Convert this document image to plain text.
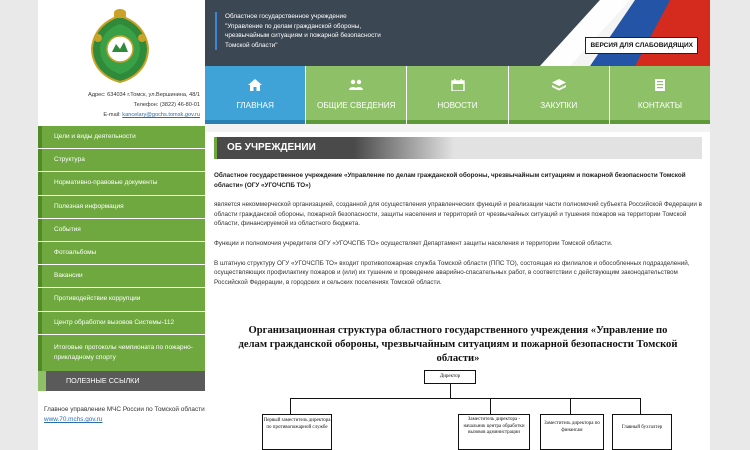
Адрес: 634034 г.Томск, ул.Вершинина, 48/1
Телефон: (3822) 46-80-01
E-mail: kancelary@gochs.tomsk.gov.ru
Областное государственное учреждение "Управление по делам гражданской обороны, чрезвычайным ситуациям и пожарной безопасности Томской области"	ВЕРСИЯ ДЛЯ СЛАБОВИДЯЩИХ
ГЛАВНАЯ	ОБЩИЕ СВЕДЕНИЯ	НОВОСТИ	ЗАКУПКИ	КОНТАКТЫ
Цели и виды деятельности
Структура
Нормативно-правовые документы
Полезная информация
События
Фотоальбомы
Вакансии
Противодействие коррупции
Центр обработки вызовов Системы-112
Итоговые протоколы чемпионата по пожарно-прикладному спорту
ПОЛЕЗНЫЕ ССЫЛКИ
Главное управление МЧС России по Томской области
www.70.mchs.gov.ru
ОБ УЧРЕЖДЕНИИ

Областное государственное учреждение «Управление по делам гражданской обороны, чрезвычайным ситуациям и пожарной безопасности Томской области» (ОГУ «УГОЧСПБ ТО»)

является некоммерческой организацией, созданной для осуществления управленческих функций и реализации части полномочий субъекта Российской Федерации в области гражданской обороны, пожарной безопасности, защиты населения и территорий от чрезвычайных ситуаций и тушения пожаров на территории Томской области, финансируемой из областного бюджета.

Функции и полномочия учредителя ОГУ «УГОЧСПБ ТО» осуществляет Департамент защиты населения и территории Томской области.

В штатную структуру ОГУ «УГОЧСПБ ТО» входит противопожарная служба Томской области (ППС ТО), состоящая из филиалов и обособленных подразделений, осуществляющих профилактику пожаров и (или) их тушение и проведение аварийно-спасательных работ, в соответствии с действующим законодательством Российской Федерации, в городских и сельских поселениях Томской области.

Организационная структура областного государственного учреждения «Управление по делам гражданской обороны, чрезвычайным ситуациям и пожарной безопасности Томской области»
Директор
Первый заместитель директора по противопожарной службе
Заместитель директора - начальник центра обработки вызовов администрации
Заместитель директора по финансам	Главный бухгалтер
